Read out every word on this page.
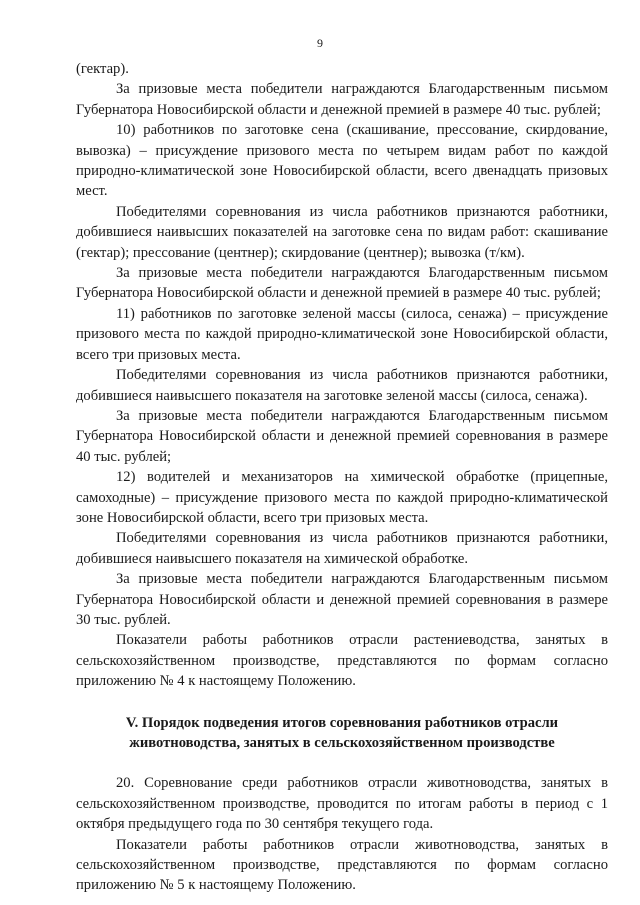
9

(гектар).

За призовые места победители награждаются Благодарственным письмом Губернатора Новосибирской области и денежной премией в размере 40 тыс. рублей;

10) работников по заготовке сена (скашивание, прессование, скирдование, вывозка) – присуждение призового места по четырем видам работ по каждой природно-климатической зоне Новосибирской области, всего двенадцать призовых мест.

Победителями соревнования из числа работников признаются работники, добившиеся наивысших показателей на заготовке сена по видам работ: скашивание (гектар); прессование (центнер); скирдование (центнер); вывозка (т/км).

За призовые места победители награждаются Благодарственным письмом Губернатора Новосибирской области и денежной премией в размере 40 тыс. рублей;

11) работников по заготовке зеленой массы (силоса, сенажа) – присуждение призового места по каждой природно-климатической зоне Новосибирской области, всего три призовых места.

Победителями соревнования из числа работников признаются работники, добившиеся наивысшего показателя на заготовке зеленой массы (силоса, сенажа).

За призовые места победители награждаются Благодарственным письмом Губернатора Новосибирской области и денежной премией соревнования в размере 40 тыс. рублей;

12) водителей и механизаторов на химической обработке (прицепные, самоходные) – присуждение призового места по каждой природно-климатической зоне Новосибирской области, всего три призовых места.

Победителями соревнования из числа работников признаются работники, добившиеся наивысшего показателя на химической обработке.

За призовые места победители награждаются Благодарственным письмом Губернатора Новосибирской области и денежной премией соревнования в размере 30 тыс. рублей.

Показатели работы работников отрасли растениеводства, занятых в сельскохозяйственном производстве, представляются по формам согласно приложению № 4 к настоящему Положению.

V. Порядок подведения итогов соревнования работников отрасли
животноводства, занятых в сельскохозяйственном производстве

20. Соревнование среди работников отрасли животноводства, занятых в сельскохозяйственном производстве, проводится по итогам работы в период с 1 октября предыдущего года по 30 сентября текущего года.

Показатели работы работников отрасли животноводства, занятых в сельскохозяйственном производстве, представляются по формам согласно приложению № 5 к настоящему Положению.
